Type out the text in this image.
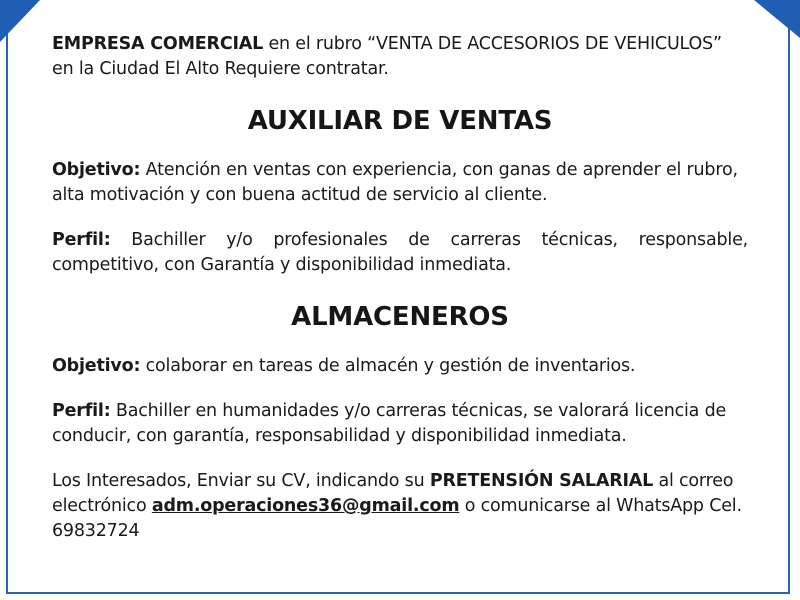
EMPRESA COMERCIAL en el rubro “VENTA DE ACCESORIOS DE VEHICULOS” en la Ciudad El Alto Requiere contratar.

AUXILIAR DE VENTAS

Objetivo: Atención en ventas con experiencia, con ganas de aprender el rubro, alta motivación y con buena actitud de servicio al cliente.

Perfil: Bachiller y/o profesionales de carreras técnicas, responsable, competitivo, con Garantía y disponibilidad inmediata.

ALMACENEROS

Objetivo: colaborar en tareas de almacén y gestión de inventarios.

Perfil: Bachiller en humanidades y/o carreras técnicas, se valorará licencia de conducir, con garantía, responsabilidad y disponibilidad inmediata.

Los Interesados, Enviar su CV, indicando su PRETENSIÓN SALARIAL al correo electrónico adm.operaciones36@gmail.com o comunicarse al WhatsApp Cel. 69832724
